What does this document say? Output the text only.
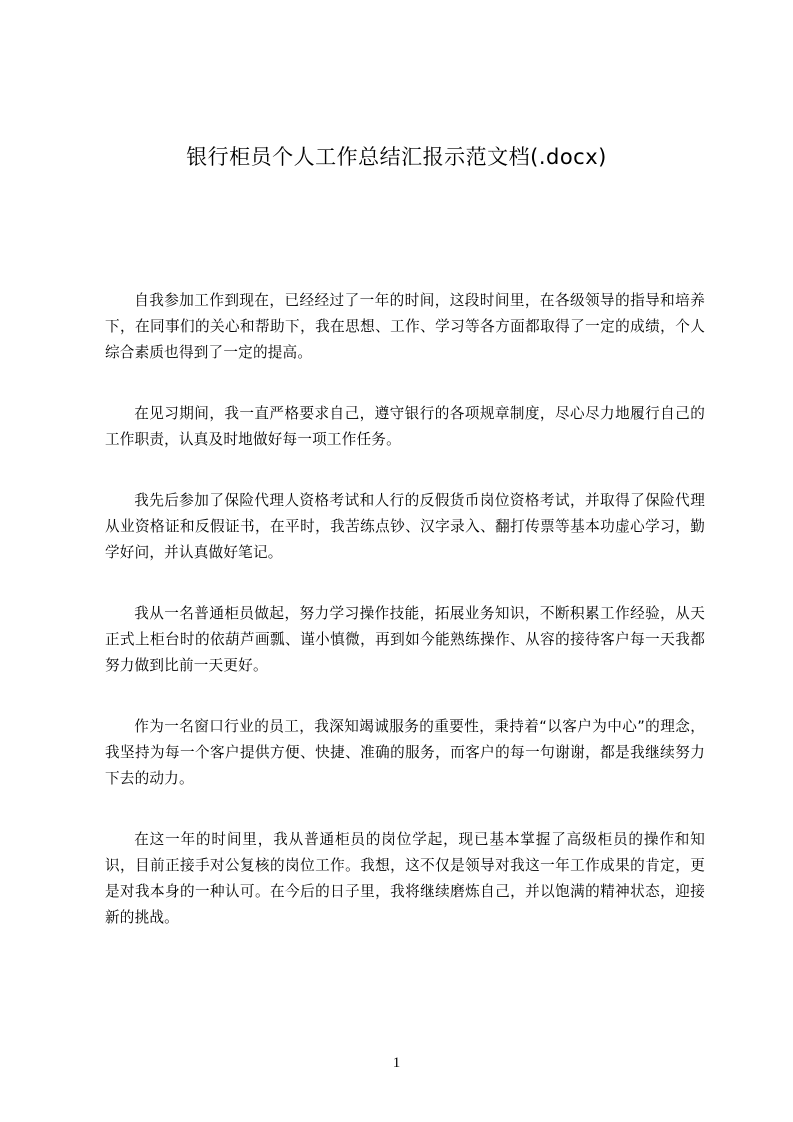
银行柜员个人工作总结汇报示范文档(.docx)

自我参加工作到现在，已经经过了一年的时间，这段时间里，在各级领导的指导和培养下，在同事们的关心和帮助下，我在思想、工作、学习等各方面都取得了一定的成绩，个人综合素质也得到了一定的提高。

在见习期间，我一直严格要求自己，遵守银行的各项规章制度，尽心尽力地履行自己的工作职责，认真及时地做好每一项工作任务。

我先后参加了保险代理人资格考试和人行的反假货币岗位资格考试，并取得了保险代理从业资格证和反假证书，在平时，我苦练点钞、汉字录入、翻打传票等基本功虚心学习，勤学好问，并认真做好笔记。

我从一名普通柜员做起，努力学习操作技能，拓展业务知识，不断积累工作经验，从天正式上柜台时的依葫芦画瓢、谨小慎微，再到如今能熟练操作、从容的接待客户每一天我都努力做到比前一天更好。

作为一名窗口行业的员工，我深知竭诚服务的重要性，秉持着“以客户为中心”的理念，我坚持为每一个客户提供方便、快捷、准确的服务，而客户的每一句谢谢，都是我继续努力下去的动力。

在这一年的时间里，我从普通柜员的岗位学起，现已基本掌握了高级柜员的操作和知识，目前正接手对公复核的岗位工作。我想，这不仅是领导对我这一年工作成果的肯定，更是对我本身的一种认可。在今后的日子里，我将继续磨炼自己，并以饱满的精神状态，迎接新的挑战。

1
